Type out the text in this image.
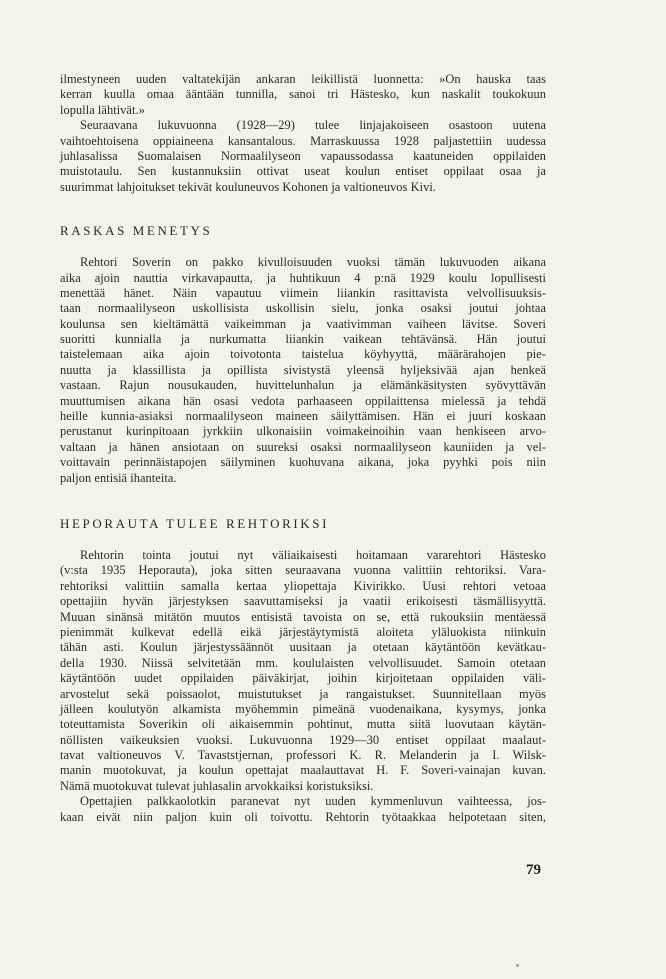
ilmestyneen uuden valtatekijän ankaran leikillistä luonnetta: »On hauska taas
kerran kuulla omaa ääntään tunnilla, sanoi tri Hästesko, kun naskalit toukokuun
lopulla lähtivät.»
Seuraavana lukuvuonna (1928—29) tulee linjajakoiseen osastoon uutena
vaihtoehtoisena oppiaineena kansantalous. Marraskuussa 1928 paljastettiin uudessa
juhlasalissa Suomalaisen Normaalilyseon vapaussodassa kaatuneiden oppilaiden
muistotaulu. Sen kustannuksiin ottivat useat koulun entiset oppilaat osaa ja
suurimmat lahjoitukset tekivät kouluneuvos Kohonen ja valtioneuvos Kivi.
RASKAS MENETYS
Rehtori Soverin on pakko kivulloisuuden vuoksi tämän lukuvuoden aikana
aika ajoin nauttia virkavapautta, ja huhtikuun 4 p:nä 1929 koulu lopullisesti
menettää hänet. Näin vapautuu viimein liiankin rasittavista velvollisuuksis-
taan normaalilyseon uskollisista uskollisin sielu, jonka osaksi joutui johtaa
koulunsa sen kieltämättä vaikeimman ja vaativimman vaiheen lävitse. Soveri
suoritti kunnialla ja nurkumatta liiankin vaikean tehtävänsä. Hän joutui
taistelemaan aika ajoin toivotonta taistelua köyhyyttä, määrärahojen pie-
nuutta ja klassillista ja opillista sivistystä yleensä hyljeksivää ajan henkeä
vastaan. Rajun nousukauden, huvittelunhalun ja elämänkäsitysten syövyttävän
muuttumisen aikana hän osasi vedota parhaaseen oppilaittensa mielessä ja tehdä
heille kunnia-asiaksi normaalilyseon maineen säilyttämisen. Hän ei juuri koskaan
perustanut kurinpitoaan jyrkkiin ulkonaisiin voimakeinoihin vaan henkiseen arvo-
valtaan ja hänen ansiotaan on suureksi osaksi normaalilyseon kauniiden ja vel-
voittavain perinnäistapojen säilyminen kuohuvana aikana, joka pyyhki pois niin
paljon entisiä ihanteita.
HEPORAUTA TULEE REHTORIKSI
Rehtorin tointa joutui nyt väliaikaisesti hoitamaan vararehtori Hästesko
(v:sta 1935 Heporauta), joka sitten seuraavana vuonna valittiin rehtoriksi. Vara-
rehtoriksi valittiin samalla kertaa yliopettaja Kivirikko. Uusi rehtori vetoaa
opettajiin hyvän järjestyksen saavuttamiseksi ja vaatii erikoisesti täsmällisyyttä.
Muuan sinänsä mitätön muutos entisistä tavoista on se, että rukouksiin mentäessä
pienimmät kulkevat edellä eikä järjestäytymistä aloiteta yläluokista niinkuin
tähän asti. Koulun järjestyssäännöt uusitaan ja otetaan käytäntöön kevätkau-
della 1930. Niissä selvitetään mm. koululaisten velvollisuudet. Samoin otetaan
käytäntöön uudet oppilaiden päiväkirjat, joihin kirjoitetaan oppilaiden väli-
arvostelut sekä poissaolot, muistutukset ja rangaistukset. Suunnitellaan myös
jälleen koulutyön alkamista myöhemmin pimeänä vuodenaikana, kysymys, jonka
toteuttamista Soverikin oli aikaisemmin pohtinut, mutta siitä luovutaan käytän-
nöllisten vaikeuksien vuoksi. Lukuvuonna 1929—30 entiset oppilaat maalaut-
tavat valtioneuvos V. Tavaststjernan, professori K. R. Melanderin ja I. Wilsk-
manin muotokuvat, ja koulun opettajat maalauttavat H. F. Soveri-vainajan kuvan.
Nämä muotokuvat tulevat juhlasalin arvokkaiksi koristuksiksi.
Opettajien palkkaolotkin paranevat nyt uuden kymmenluvun vaihteessa, jos-
kaan eivät niin paljon kuin oli toivottu. Rehtorin työtaakkaa helpotetaan siten,
79
